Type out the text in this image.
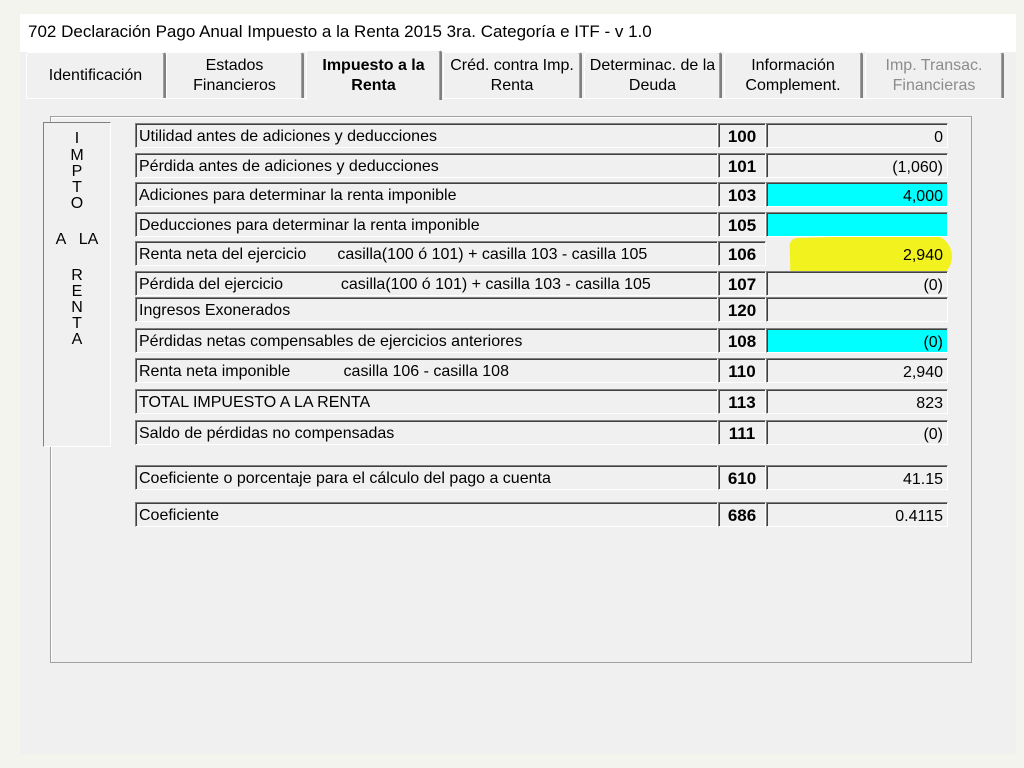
702 Declaración Pago Anual Impuesto a la Renta 2015 3ra. Categoría e ITF - v 1.0
Identificación
Estados
Financieros
Impuesto a la
Renta
Créd. contra Imp.
Renta
Determinac. de la
Deuda
Información
Complement.
Imp. Transac.
Financieras
I
M
P
T
O
A   LA
R
E
N
T
A
Utilidad antes de adiciones y deducciones	100	0
Pérdida antes de adiciones y deducciones	101	(1,060)
Adiciones para determinar la renta imponible	103	4,000
Deducciones para determinar la renta imponible	105
Renta neta del ejercicio       casilla(100 ó 101) + casilla 103 - casilla 105	106	2,940
Pérdida del ejercicio             casilla(100 ó 101) + casilla 103 - casilla 105	107	(0)
Ingresos Exonerados	120
Pérdidas netas compensables de ejercicios anteriores	108	(0)
Renta neta imponible            casilla 106 - casilla 108	110	2,940
TOTAL IMPUESTO A LA RENTA	113	823
Saldo de pérdidas no compensadas	111	(0)
Coeficiente o porcentaje para el cálculo del pago a cuenta	610	41.15
Coeficiente	686	0.4115
